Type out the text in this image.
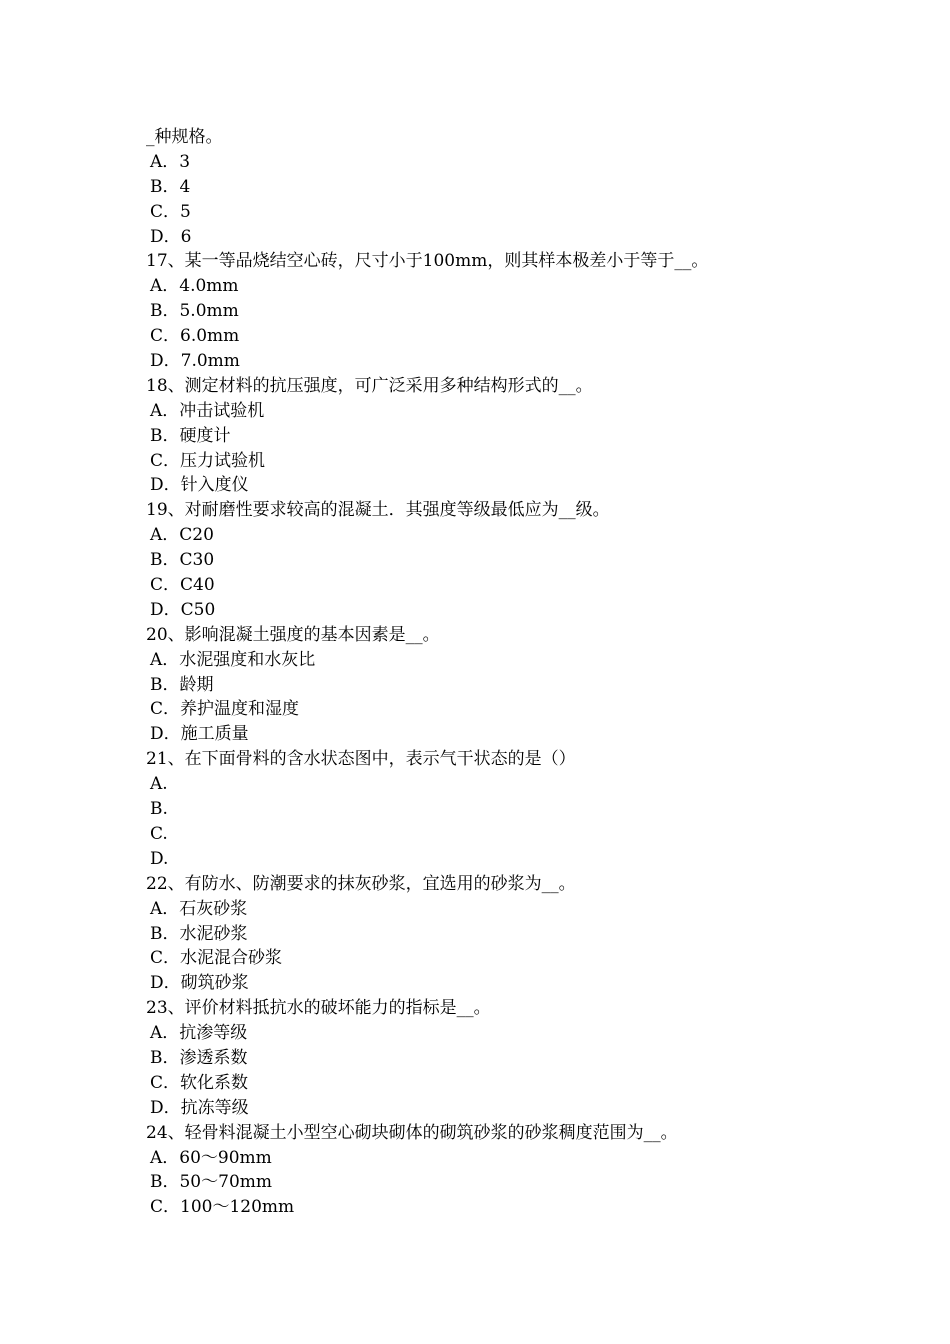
_种规格。
A．3
B．4
C．5
D．6
17、某一等品烧结空心砖，尺寸小于100mm，则其样本极差小于等于__。
A．4.0mm
B．5.0mm
C．6.0mm
D．7.0mm
18、测定材料的抗压强度，可广泛采用多种结构形式的__。
A．冲击试验机
B．硬度计
C．压力试验机
D．针入度仪
19、对耐磨性要求较高的混凝土．其强度等级最低应为__级。
A．C20
B．C30
C．C40
D．C50
20、影响混凝土强度的基本因素是__。
A．水泥强度和水灰比
B．龄期
C．养护温度和湿度
D．施工质量
21、在下面骨料的含水状态图中，表示气干状态的是（）
A.
B.
C.
D.
22、有防水、防潮要求的抹灰砂浆，宜选用的砂浆为__。
A．石灰砂浆
B．水泥砂浆
C．水泥混合砂浆
D．砌筑砂浆
23、评价材料抵抗水的破坏能力的指标是__。
A．抗渗等级
B．渗透系数
C．软化系数
D．抗冻等级
24、轻骨料混凝土小型空心砌块砌体的砌筑砂浆的砂浆稠度范围为__。
A．60～90mm
B．50～70mm
C．100～120mm
